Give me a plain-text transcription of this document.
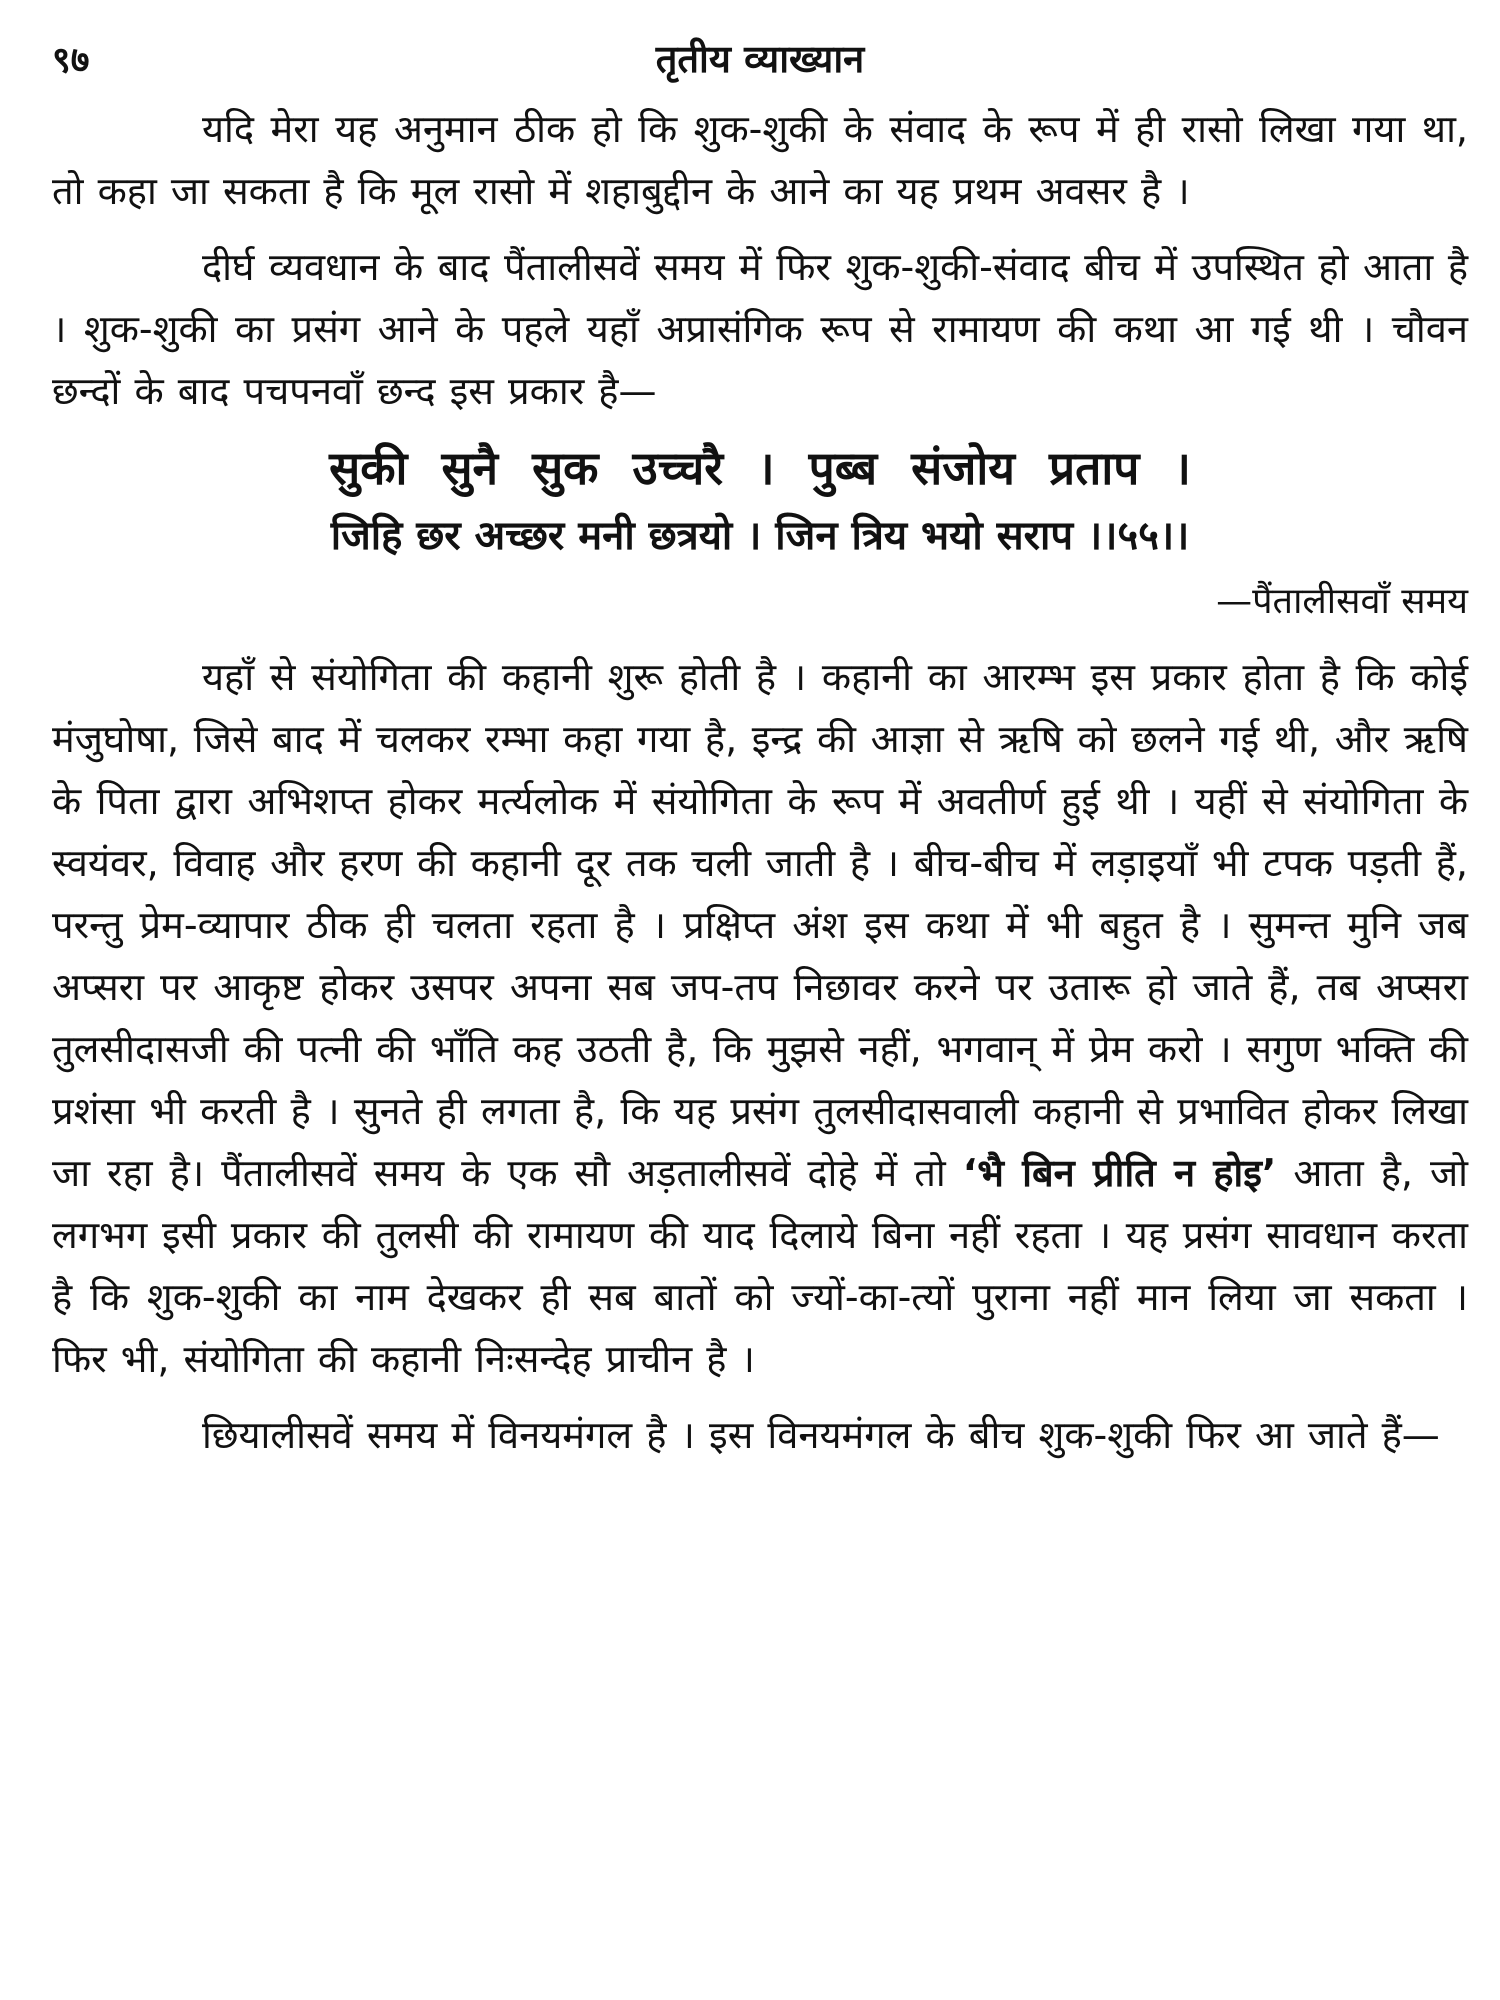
९७	तृतीय व्याख्यान

यदि मेरा यह अनुमान ठीक हो कि शुक-शुकी के संवाद के रूप में ही रासो लिखा गया था, तो कहा जा सकता है कि मूल रासो में शहाबुद्दीन के आने का यह प्रथम अवसर है ।

दीर्घ व्यवधान के बाद पैंतालीसवें समय में फिर शुक-शुकी-संवाद बीच में उपस्थित हो आता है । शुक-शुकी का प्रसंग आने के पहले यहाँ अप्रासंगिक रूप से रामायण की कथा आ गई थी । चौवन छन्दों के बाद पचपनवाँ छन्द इस प्रकार है—

सुकी सुनै सुक उच्चरै । पुब्ब संजोय प्रताप ।
जिहि छर अच्छर मनी छत्रयो । जिन त्रिय भयो सराप ।।५५।।
—पैंतालीसवाँ समय

यहाँ से संयोगिता की कहानी शुरू होती है । कहानी का आरम्भ इस प्रकार होता है कि कोई मंजुघोषा, जिसे बाद में चलकर रम्भा कहा गया है, इन्द्र की आज्ञा से ऋषि को छलने गई थी, और ऋषि के पिता द्वारा अभिशप्त होकर मर्त्यलोक में संयोगिता के रूप में अवतीर्ण हुई थी । यहीं से संयोगिता के स्वयंवर, विवाह और हरण की कहानी दूर तक चली जाती है । बीच-बीच में लड़ाइयाँ भी टपक पड़ती हैं, परन्तु प्रेम-व्यापार ठीक ही चलता रहता है । प्रक्षिप्त अंश इस कथा में भी बहुत है । सुमन्त मुनि जब अप्सरा पर आकृष्ट होकर उसपर अपना सब जप-तप निछावर करने पर उतारू हो जाते हैं, तब अप्सरा तुलसीदासजी की पत्नी की भाँति कह उठती है, कि मुझसे नहीं, भगवान् में प्रेम करो । सगुण भक्ति की प्रशंसा भी करती है । सुनते ही लगता है, कि यह प्रसंग तुलसीदासवाली कहानी से प्रभावित होकर लिखा जा रहा है। पैंतालीसवें समय के एक सौ अड़तालीसवें दोहे में तो ‘भै बिन प्रीति न होइ’ आता है, जो लगभग इसी प्रकार की तुलसी की रामायण की याद दिलाये बिना नहीं रहता । यह प्रसंग सावधान करता है कि शुक-शुकी का नाम देखकर ही सब बातों को ज्यों-का-त्यों पुराना नहीं मान लिया जा सकता । फिर भी, संयोगिता की कहानी निःसन्देह प्राचीन है ।

छियालीसवें समय में विनयमंगल है । इस विनयमंगल के बीच शुक-शुकी फिर आ जाते हैं—
